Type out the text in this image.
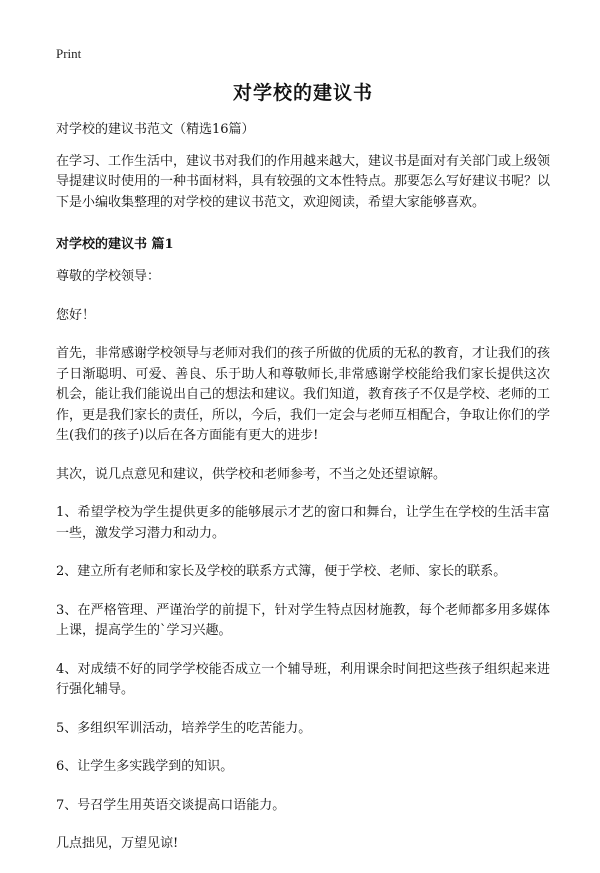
Print
对学校的建议书

对学校的建议书范文（精选16篇）

在学习、工作生活中，建议书对我们的作用越来越大，建议书是面对有关部门或上级领导提建议时使用的一种书面材料，具有较强的文本性特点。那要怎么写好建议书呢？以下是小编收集整理的对学校的建议书范文，欢迎阅读，希望大家能够喜欢。

对学校的建议书 篇1

尊敬的学校领导：

您好！

首先，非常感谢学校领导与老师对我们的孩子所做的优质的无私的教育，才让我们的孩子日渐聪明、可爱、善良、乐于助人和尊敬师长,非常感谢学校能给我们家长提供这次机会，能让我们能说出自己的想法和建议。我们知道，教育孩子不仅是学校、老师的工作，更是我们家长的责任，所以，今后，我们一定会与老师互相配合，争取让你们的学生(我们的孩子)以后在各方面能有更大的进步!

其次，说几点意见和建议，供学校和老师参考，不当之处还望谅解。

1、希望学校为学生提供更多的能够展示才艺的窗口和舞台，让学生在学校的生活丰富一些，激发学习潜力和动力。

2、建立所有老师和家长及学校的联系方式簿，便于学校、老师、家长的联系。

3、在严格管理、严谨治学的前提下，针对学生特点因材施教，每个老师都多用多媒体上课，提高学生的`学习兴趣。

4、对成绩不好的同学学校能否成立一个辅导班，利用课余时间把这些孩子组织起来进行强化辅导。

5、多组织军训活动，培养学生的吃苦能力。

6、让学生多实践学到的知识。

7、号召学生用英语交谈提高口语能力。

几点拙见，万望见谅!
